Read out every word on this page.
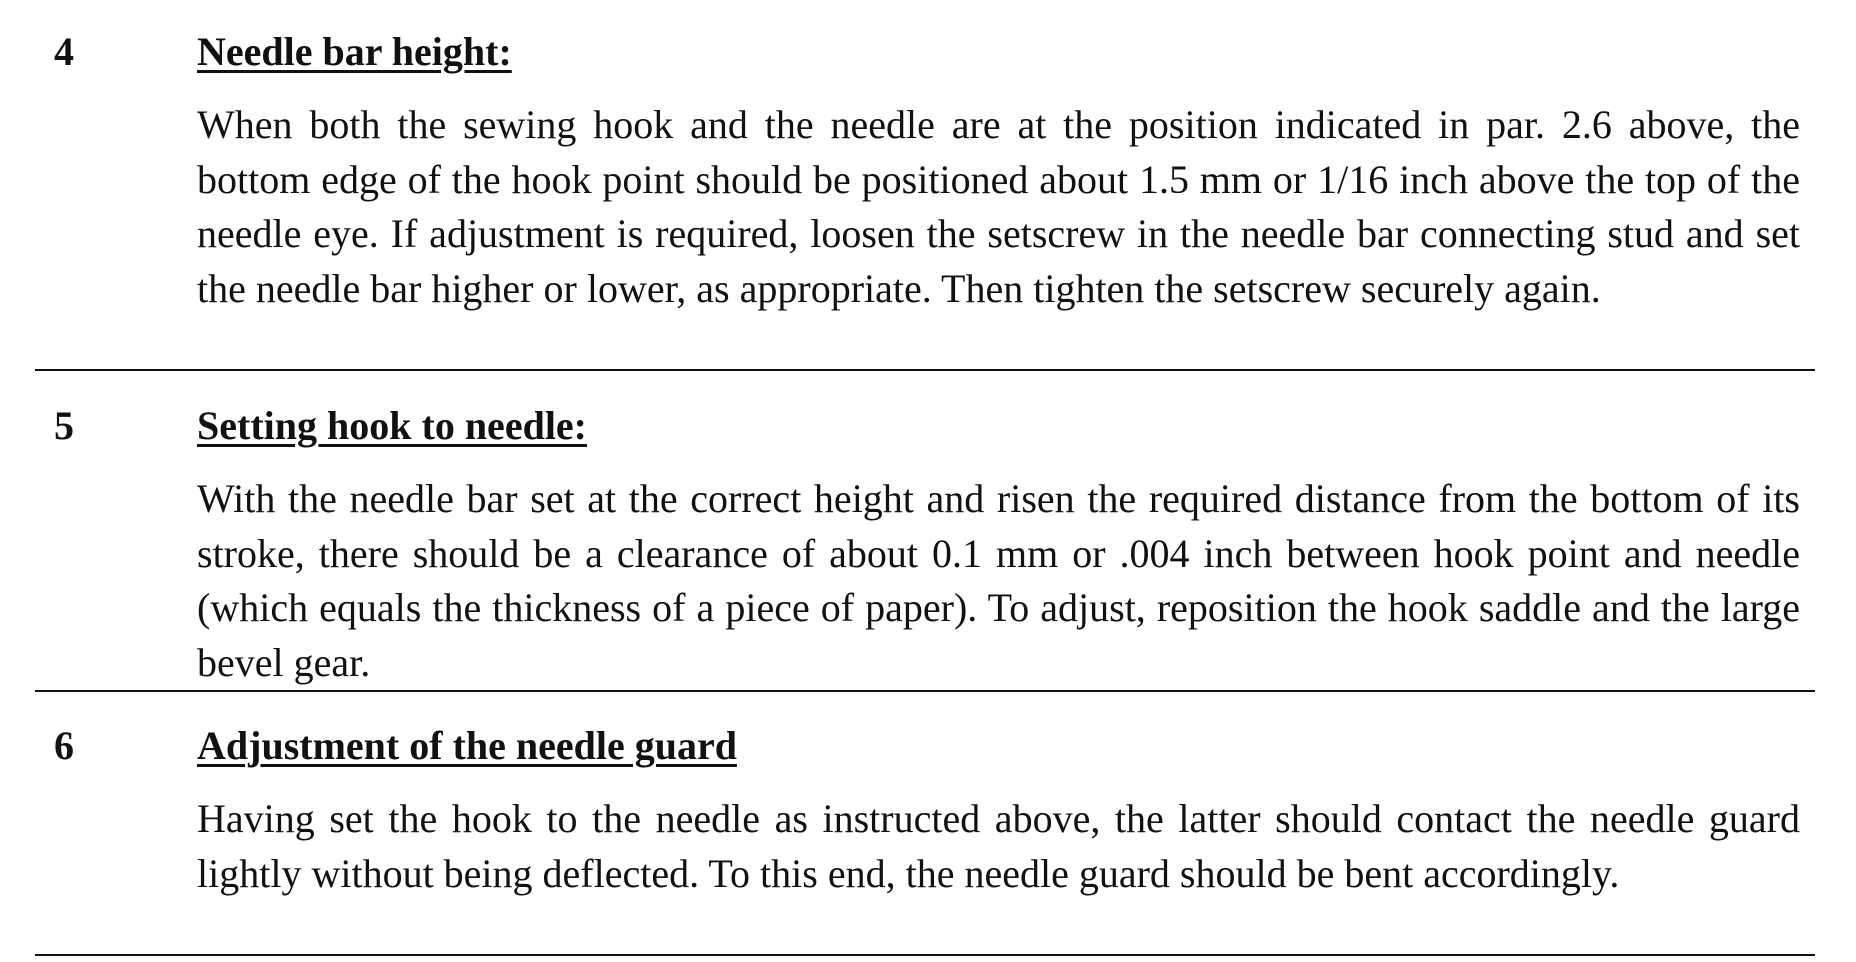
4	Needle bar height:
When both the sewing hook and the needle are at the position indicated in par. 2.6 above, the bottom edge of the hook point should be positioned about 1.5 mm or 1/16 inch above the top of the needle eye. If adjustment is required, loosen the setscrew in the needle bar connecting stud and set the needle bar higher or lower, as appropriate. Then tighten the setscrew securely again.
5	Setting hook to needle:
With the needle bar set at the correct height and risen the required distance from the bottom of its stroke, there should be a clearance of about 0.1 mm or .004 inch between hook point and needle (which equals the thickness of a piece of paper). To adjust, reposition the hook saddle and the large bevel gear.
6	Adjustment of the needle guard
Having set the hook to the needle as instructed above, the latter should contact the needle guard lightly without being deflected. To this end, the needle guard should be bent accordingly.
